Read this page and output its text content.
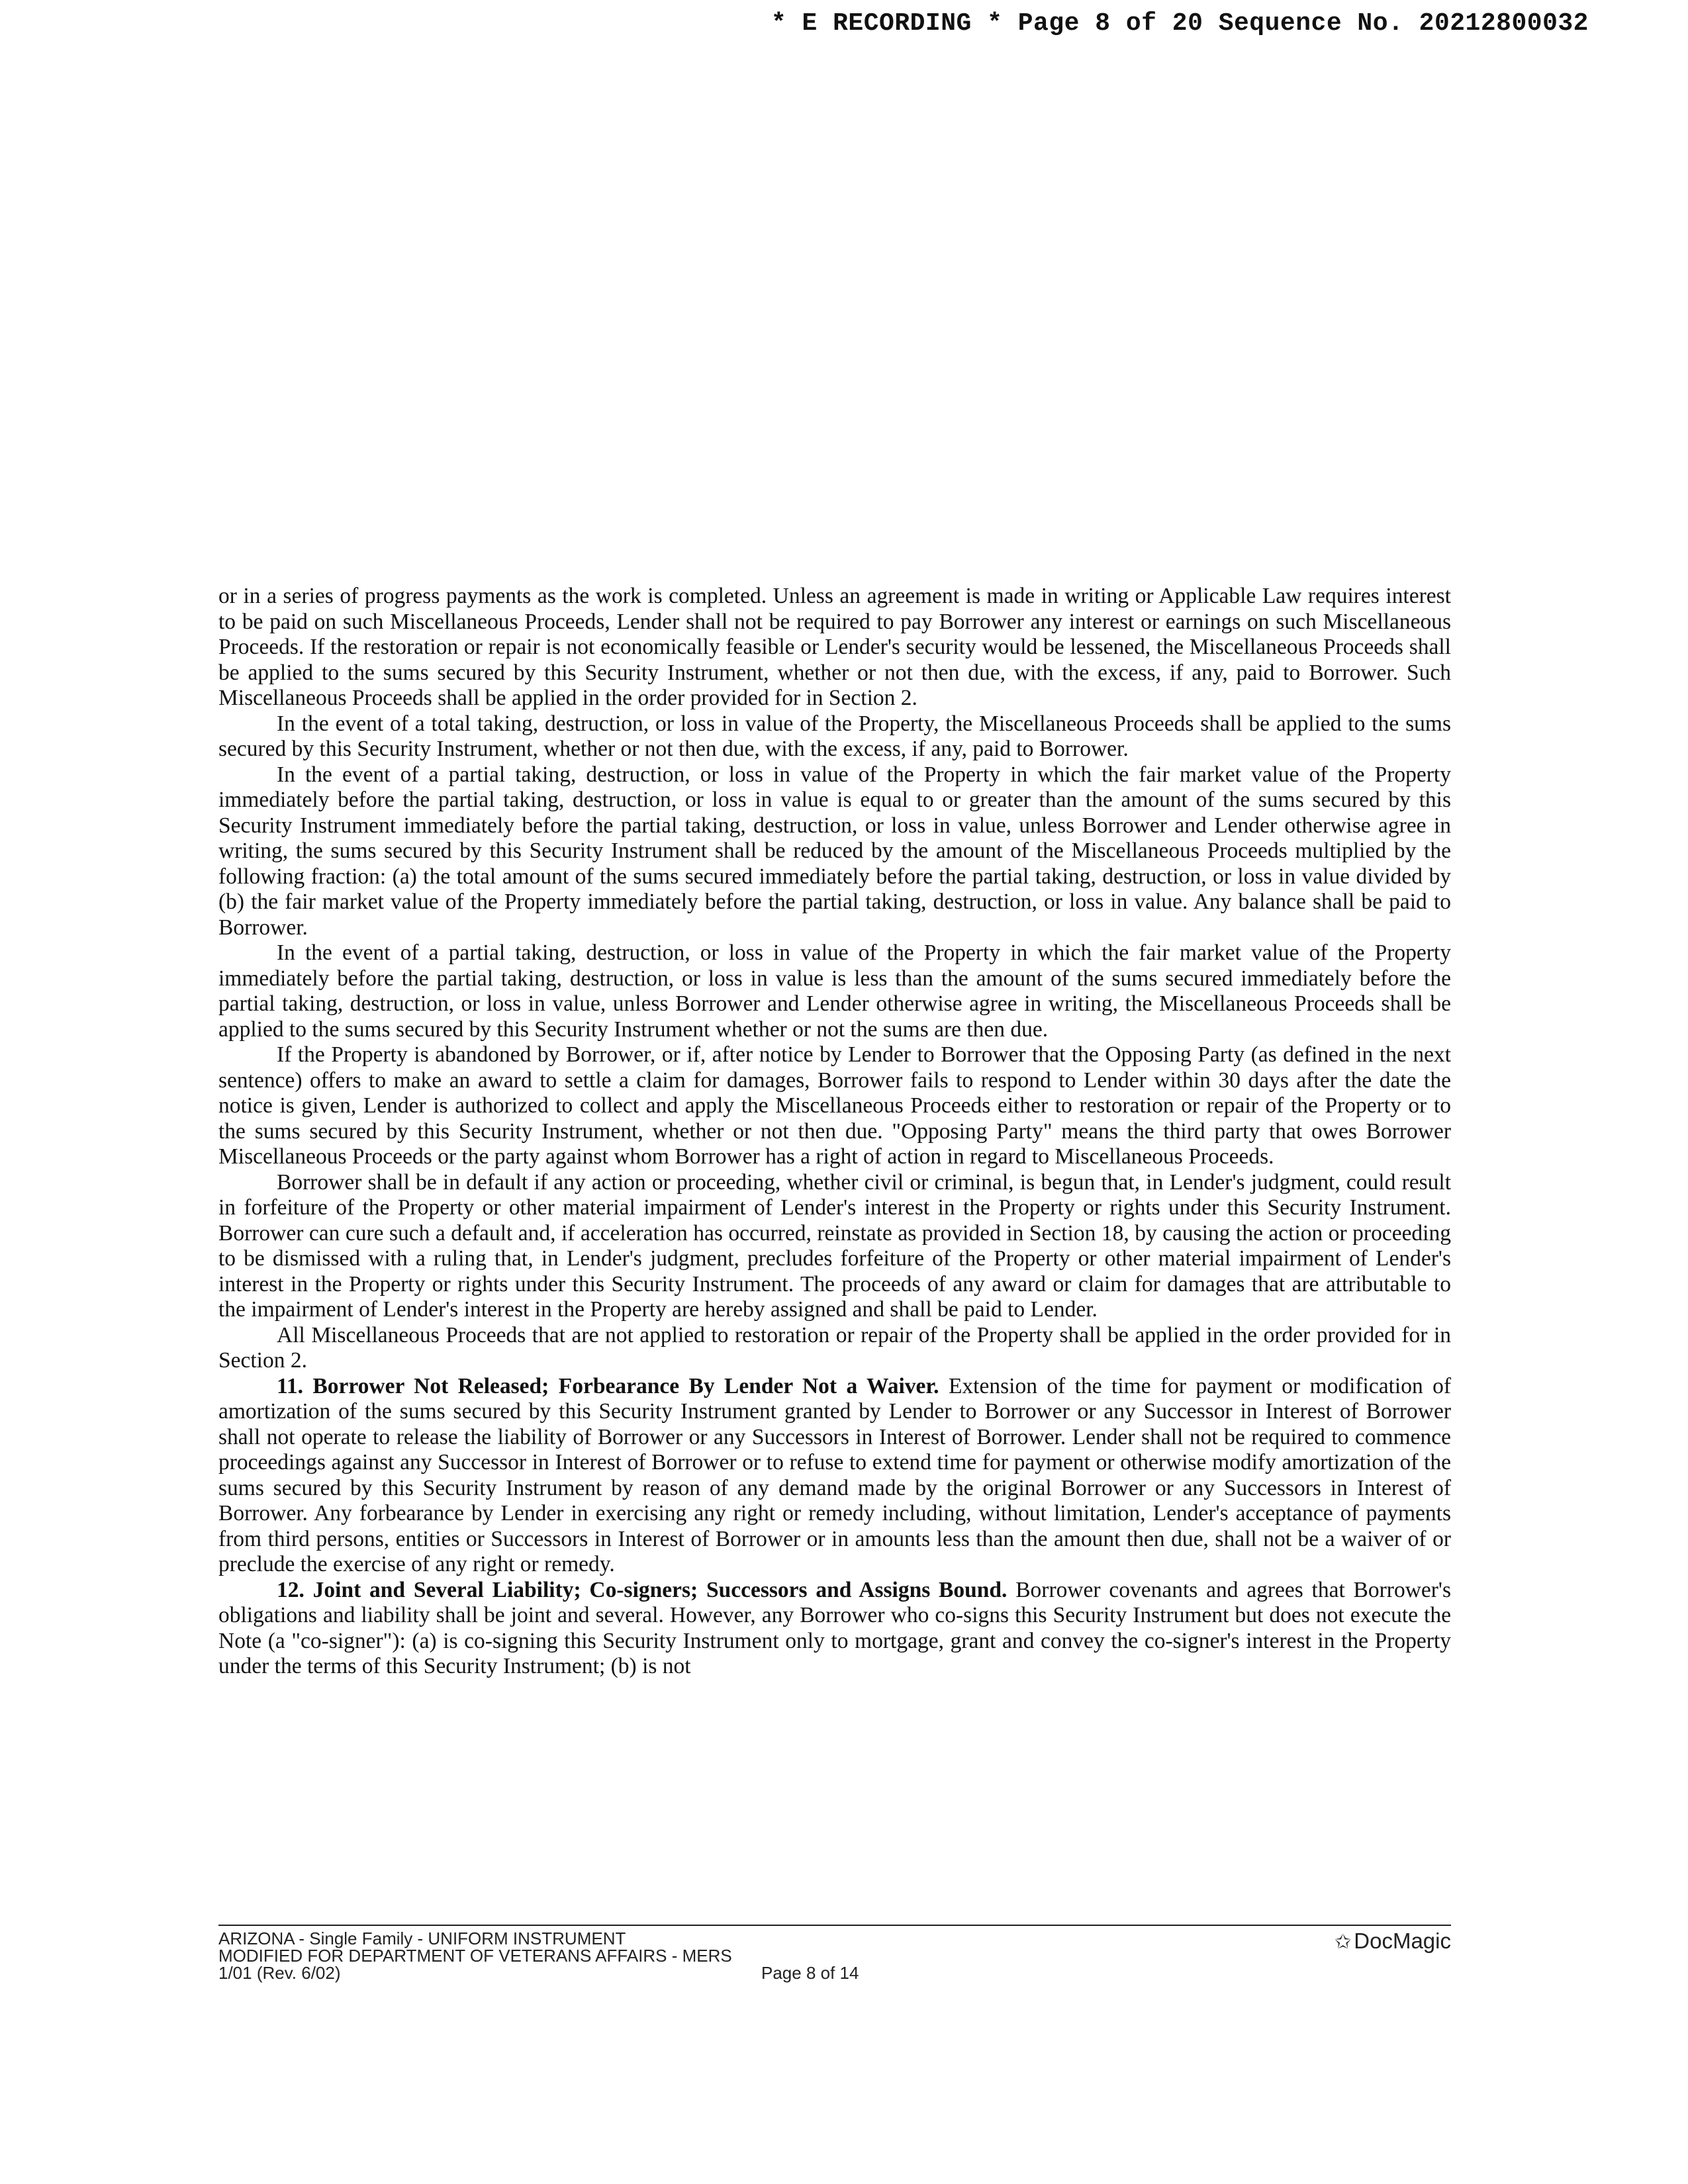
* E RECORDING * Page 8 of 20 Sequence No. 20212800032

or in a series of progress payments as the work is completed. Unless an agreement is made in writing or Applicable Law requires interest to be paid on such Miscellaneous Proceeds, Lender shall not be required to pay Borrower any interest or earnings on such Miscellaneous Proceeds. If the restoration or repair is not economically feasible or Lender's security would be lessened, the Miscellaneous Proceeds shall be applied to the sums secured by this Security Instrument, whether or not then due, with the excess, if any, paid to Borrower. Such Miscellaneous Proceeds shall be applied in the order provided for in Section 2.

In the event of a total taking, destruction, or loss in value of the Property, the Miscellaneous Proceeds shall be applied to the sums secured by this Security Instrument, whether or not then due, with the excess, if any, paid to Borrower.

In the event of a partial taking, destruction, or loss in value of the Property in which the fair market value of the Property immediately before the partial taking, destruction, or loss in value is equal to or greater than the amount of the sums secured by this Security Instrument immediately before the partial taking, destruction, or loss in value, unless Borrower and Lender otherwise agree in writing, the sums secured by this Security Instrument shall be reduced by the amount of the Miscellaneous Proceeds multiplied by the following fraction: (a) the total amount of the sums secured immediately before the partial taking, destruction, or loss in value divided by (b) the fair market value of the Property immediately before the partial taking, destruction, or loss in value. Any balance shall be paid to Borrower.

In the event of a partial taking, destruction, or loss in value of the Property in which the fair market value of the Property immediately before the partial taking, destruction, or loss in value is less than the amount of the sums secured immediately before the partial taking, destruction, or loss in value, unless Borrower and Lender otherwise agree in writing, the Miscellaneous Proceeds shall be applied to the sums secured by this Security Instrument whether or not the sums are then due.

If the Property is abandoned by Borrower, or if, after notice by Lender to Borrower that the Opposing Party (as defined in the next sentence) offers to make an award to settle a claim for damages, Borrower fails to respond to Lender within 30 days after the date the notice is given, Lender is authorized to collect and apply the Miscellaneous Proceeds either to restoration or repair of the Property or to the sums secured by this Security Instrument, whether or not then due. "Opposing Party" means the third party that owes Borrower Miscellaneous Proceeds or the party against whom Borrower has a right of action in regard to Miscellaneous Proceeds.

Borrower shall be in default if any action or proceeding, whether civil or criminal, is begun that, in Lender's judgment, could result in forfeiture of the Property or other material impairment of Lender's interest in the Property or rights under this Security Instrument. Borrower can cure such a default and, if acceleration has occurred, reinstate as provided in Section 18, by causing the action or proceeding to be dismissed with a ruling that, in Lender's judgment, precludes forfeiture of the Property or other material impairment of Lender's interest in the Property or rights under this Security Instrument. The proceeds of any award or claim for damages that are attributable to the impairment of Lender's interest in the Property are hereby assigned and shall be paid to Lender.

All Miscellaneous Proceeds that are not applied to restoration or repair of the Property shall be applied in the order provided for in Section 2.

11. Borrower Not Released; Forbearance By Lender Not a Waiver. Extension of the time for payment or modification of amortization of the sums secured by this Security Instrument granted by Lender to Borrower or any Successor in Interest of Borrower shall not operate to release the liability of Borrower or any Successors in Interest of Borrower. Lender shall not be required to commence proceedings against any Successor in Interest of Borrower or to refuse to extend time for payment or otherwise modify amortization of the sums secured by this Security Instrument by reason of any demand made by the original Borrower or any Successors in Interest of Borrower. Any forbearance by Lender in exercising any right or remedy including, without limitation, Lender's acceptance of payments from third persons, entities or Successors in Interest of Borrower or in amounts less than the amount then due, shall not be a waiver of or preclude the exercise of any right or remedy.

12. Joint and Several Liability; Co-signers; Successors and Assigns Bound. Borrower covenants and agrees that Borrower's obligations and liability shall be joint and several. However, any Borrower who co-signs this Security Instrument but does not execute the Note (a "co-signer"): (a) is co-signing this Security Instrument only to mortgage, grant and convey the co-signer's interest in the Property under the terms of this Security Instrument; (b) is not

ARIZONA - Single Family - UNIFORM INSTRUMENT
MODIFIED FOR DEPARTMENT OF VETERANS AFFAIRS - MERS
1/01 (Rev. 6/02)	Page 8 of 14
✩ DocMagic
